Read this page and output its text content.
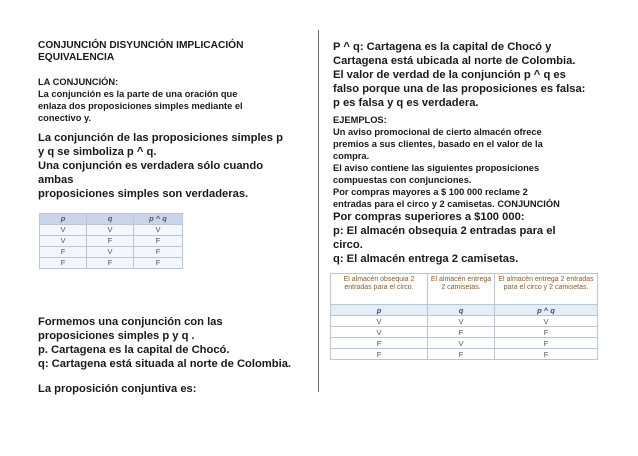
CONJUNCIÓN DISYUNCIÓN IMPLICACIÓN

EQUIVALENCIA

LA CONJUNCIÓN:

La conjunción es la parte de una oración que

enlaza dos proposiciones simples mediante el

conectivo y.

La conjunción de las proposiciones simples p

y q se simboliza p ^ q.

Una conjunción es verdadera sólo cuando

ambas

proposiciones simples son verdaderas.

p	q	p ^ q
V	V	V
V	F	F
F	V	F
F	F	F

Formemos una conjunción con las

proposiciones simples p y q .

p. Cartagena es la capital de Chocó.

q: Cartagena está situada al norte de Colombia.

La proposición conjuntiva es:

P ^ q: Cartagena es la capital de Chocó y

Cartagena está ubicada al norte de Colombia.

El valor de verdad de la conjunción p ^ q es

falso porque una de las proposiciones es falsa:

p es falsa y q es verdadera.

EJEMPLOS:

Un aviso promocional de cierto almacén ofrece

premios a sus clientes, basado en el valor de la

compra.

El aviso contiene las siguientes proposiciones

compuestas con conjunciones.

Por compras mayores a $ 100 000 reclame 2

entradas para el circo y 2 camisetas. CONJUNCIÓN

Por compras superiores a $100 000:

p: El almacén obsequia 2 entradas para el

circo.

q: El almacén entrega 2 camisetas.

El almacén obsequia 2 entradas para el circo.	El almacén entrega 2 camisetas.	El almacén entrega 2 entradas para el circo y 2 camisetas.
p	q	p ^ q
V	V	V
V	F	F
F	V	F
F	F	F
